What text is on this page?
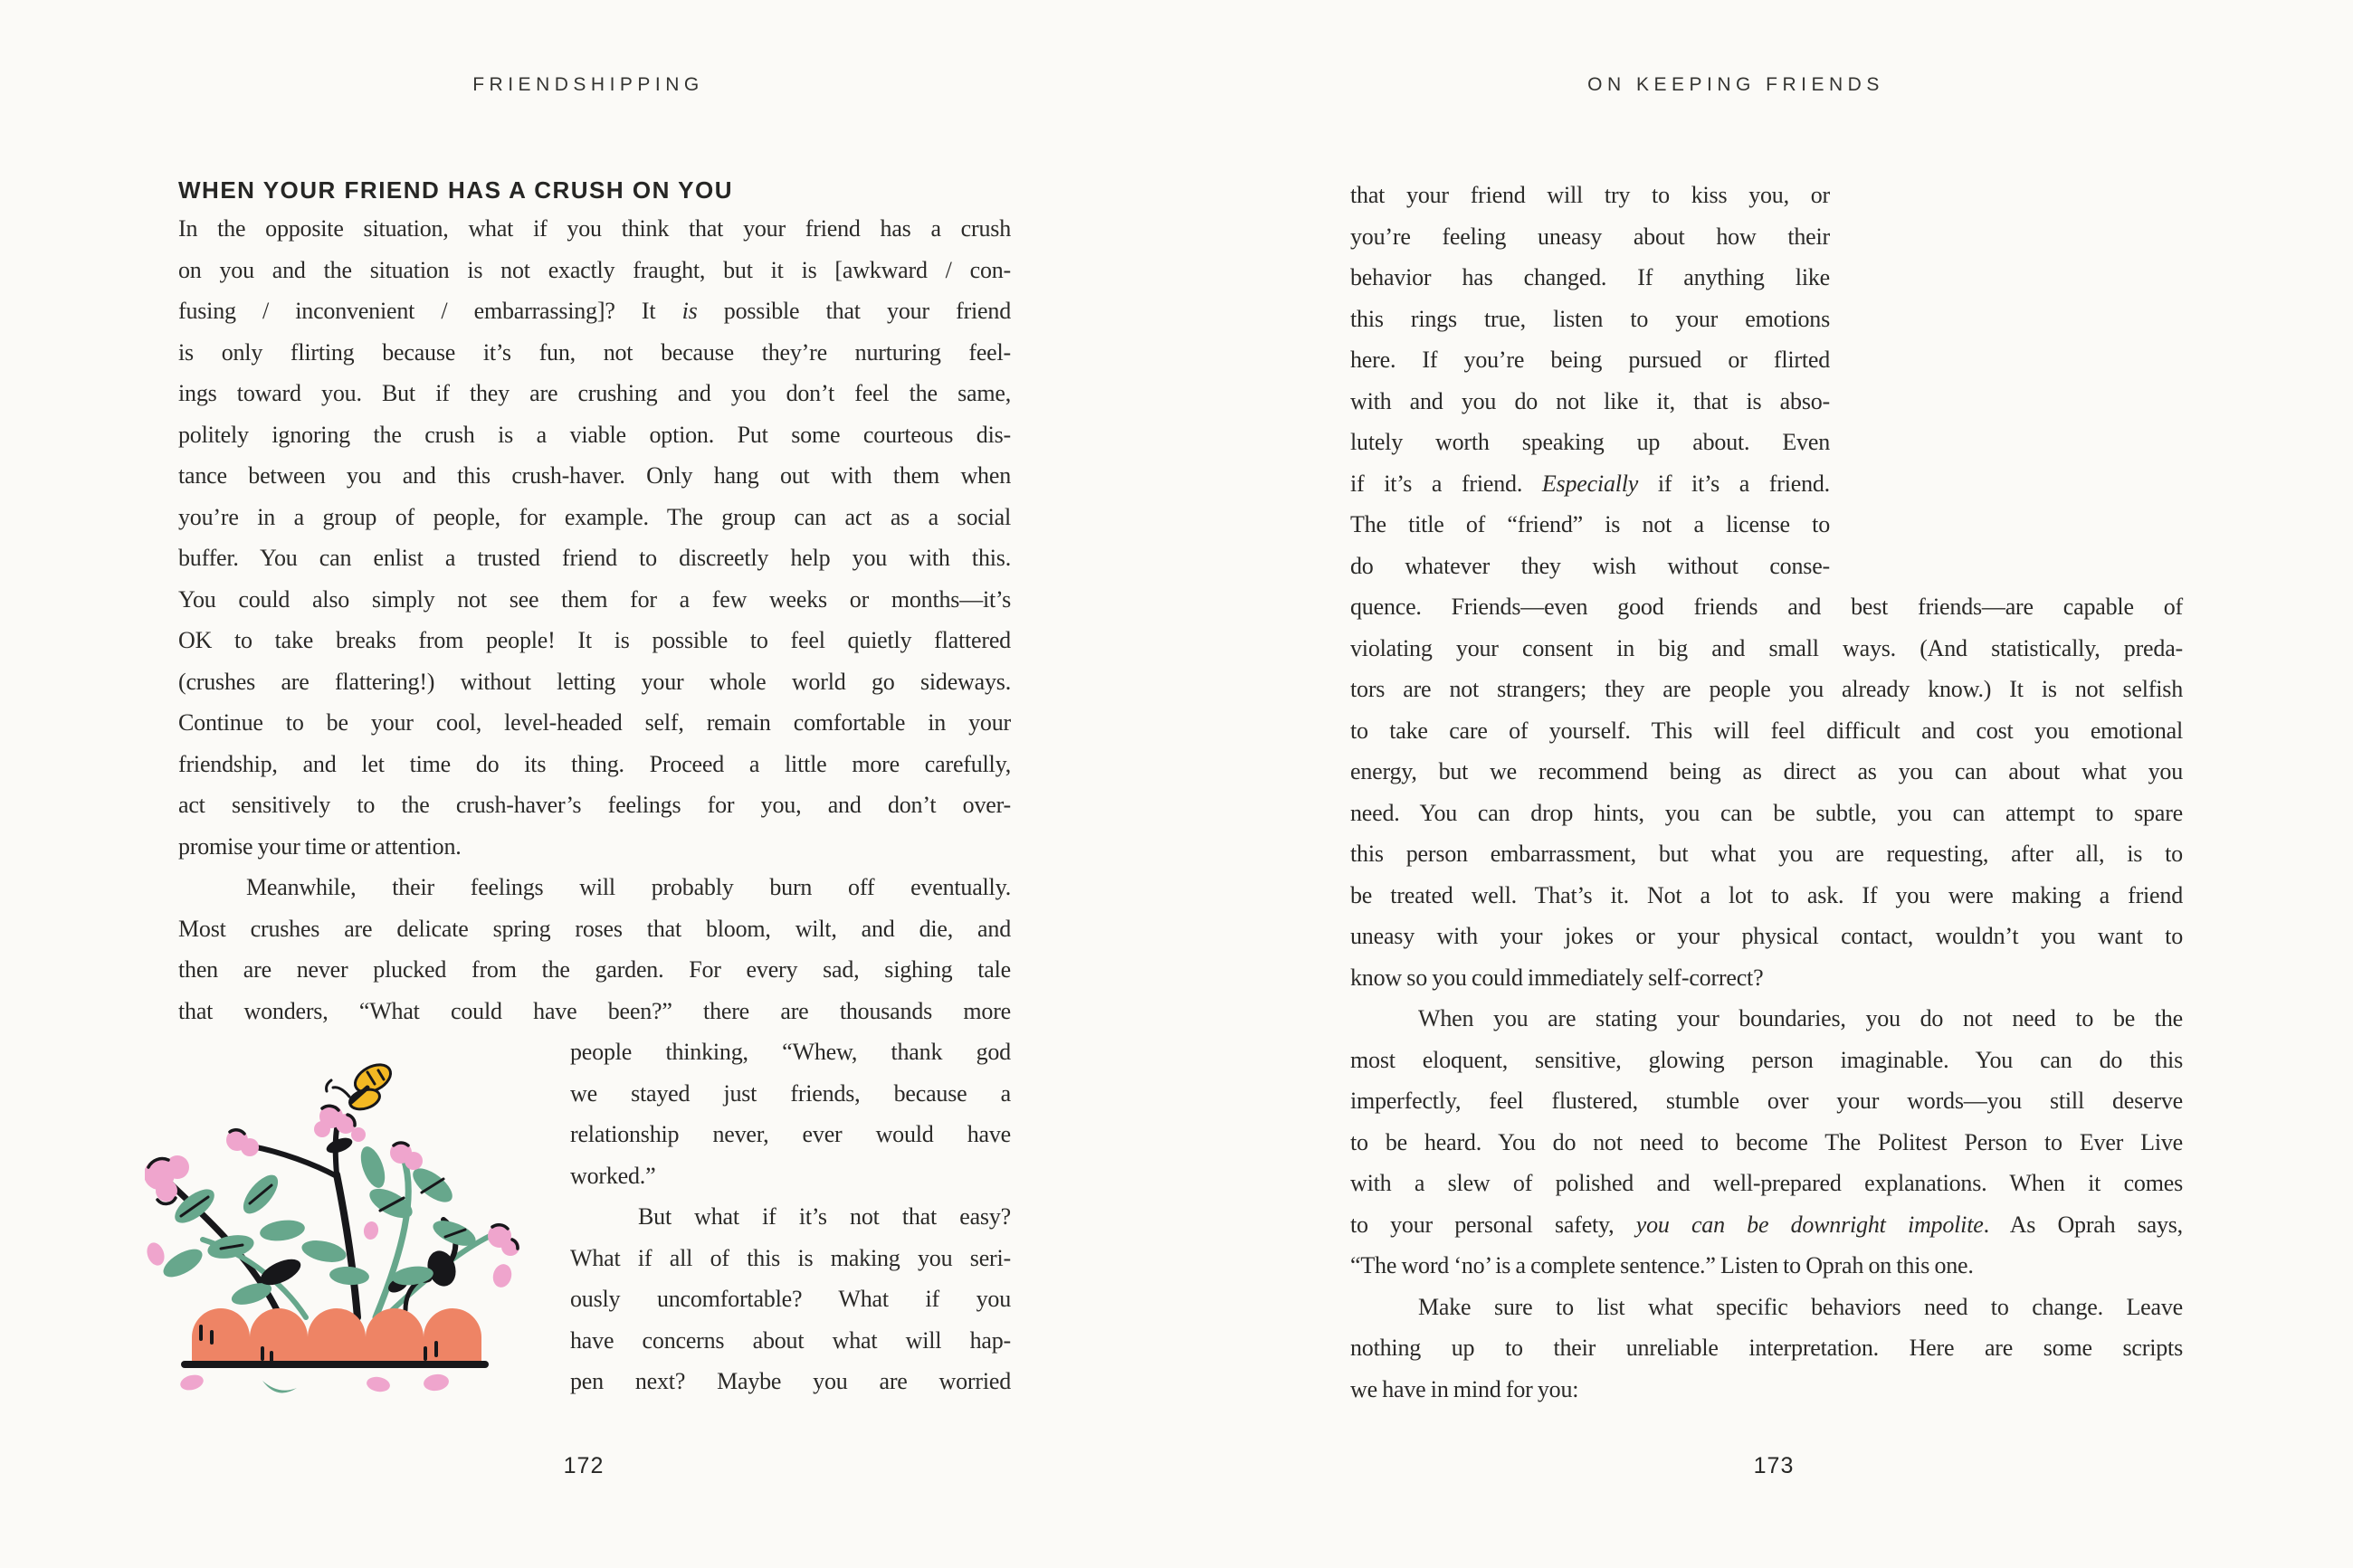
FRIENDSHIPPING
WHEN YOUR FRIEND HAS A CRUSH ON YOU
In the opposite situation, what if you think that your friend has a crush
on you and the situation is not exactly fraught, but it is [awkward / con-
fusing / inconvenient / embarrassing]? It is possible that your friend
is only flirting because it’s fun, not because they’re nurturing feel-
ings toward you. But if they are crushing and you don’t feel the same,
politely ignoring the crush is a viable option. Put some courteous dis-
tance between you and this crush-haver. Only hang out with them when
you’re in a group of people, for example. The group can act as a social
buffer. You can enlist a trusted friend to discreetly help you with this.
You could also simply not see them for a few weeks or months—it’s
OK to take breaks from people! It is possible to feel quietly flattered
(crushes are flattering!) without letting your whole world go sideways.
Continue to be your cool, level-headed self, remain comfortable in your
friendship, and let time do its thing. Proceed a little more carefully,
act sensitively to the crush-haver’s feelings for you, and don’t over-
promise your time or attention.
Meanwhile, their feelings will probably burn off eventually.
Most crushes are delicate spring roses that bloom, wilt, and die, and
then are never plucked from the garden. For every sad, sighing tale
that wonders, “What could have been?” there are thousands more
people thinking, “Whew, thank god
we stayed just friends, because a
relationship never, ever would have
worked.”
But what if it’s not that easy?
What if all of this is making you seri-
ously uncomfortable? What if you
have concerns about what will hap-
pen next? Maybe you are worried
172
ON KEEPING FRIENDS
that your friend will try to kiss you, or
you’re feeling uneasy about how their
behavior has changed. If anything like
this rings true, listen to your emotions
here. If you’re being pursued or flirted
with and you do not like it, that is abso-
lutely worth speaking up about. Even
if it’s a friend. Especially if it’s a friend.
The title of “friend” is not a license to
do whatever they wish without conse-
quence. Friends—even good friends and best friends—are capable of
violating your consent in big and small ways. (And statistically, preda-
tors are not strangers; they are people you already know.) It is not selfish
to take care of yourself. This will feel difficult and cost you emotional
energy, but we recommend being as direct as you can about what you
need. You can drop hints, you can be subtle, you can attempt to spare
this person embarrassment, but what you are requesting, after all, is to
be treated well. That’s it. Not a lot to ask. If you were making a friend
uneasy with your jokes or your physical contact, wouldn’t you want to
know so you could immediately self-correct?
When you are stating your boundaries, you do not need to be the
most eloquent, sensitive, glowing person imaginable. You can do this
imperfectly, feel flustered, stumble over your words—you still deserve
to be heard. You do not need to become The Politest Person to Ever Live
with a slew of polished and well-prepared explanations. When it comes
to your personal safety, you can be downright impolite. As Oprah says,
“The word ‘no’ is a complete sentence.” Listen to Oprah on this one.
Make sure to list what specific behaviors need to change. Leave
nothing up to their unreliable interpretation. Here are some scripts
we have in mind for you:
173
